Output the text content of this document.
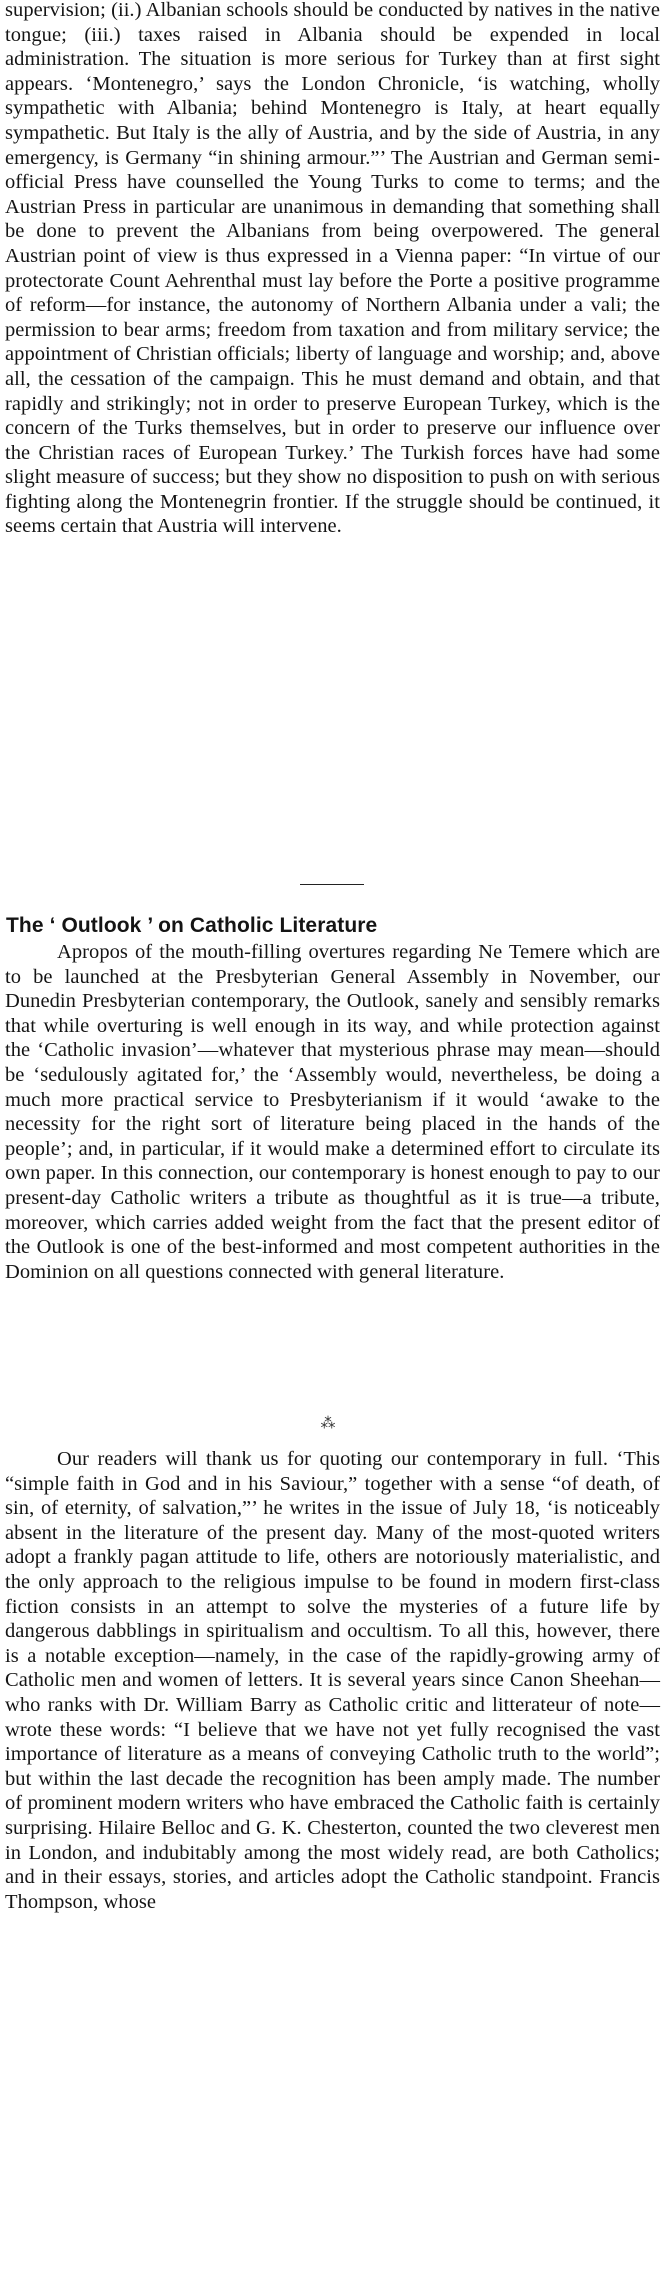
supervision; (ii.) Albanian schools should be conducted by natives in the native tongue; (iii.) taxes raised in Albania should be expended in local administration. The situation is more serious for Turkey than at first sight appears. ‘Montenegro,’ says the London Chronicle, ‘is watching, wholly sympathetic with Albania; behind Montenegro is Italy, at heart equally sympathetic. But Italy is the ally of Austria, and by the side of Austria, in any emergency, is Germany “in shining armour.”’ The Austrian and German semi-official Press have counselled the Young Turks to come to terms; and the Austrian Press in particular are unanimous in demanding that something shall be done to prevent the Albanians from being overpowered. The general Austrian point of view is thus expressed in a Vienna paper: “In virtue of our protectorate Count Aehrenthal must lay before the Porte a positive programme of reform—for instance, the autonomy of Northern Albania under a vali; the permission to bear arms; freedom from taxation and from military service; the appointment of Christian officials; liberty of language and worship; and, above all, the cessation of the campaign. This he must demand and obtain, and that rapidly and strikingly; not in order to preserve European Turkey, which is the concern of the Turks themselves, but in order to preserve our influence over the Christian races of European Turkey.’ The Turkish forces have had some slight measure of success; but they show no disposition to push on with serious fighting along the Montenegrin frontier. If the struggle should be continued, it seems certain that Austria will intervene.

The ‘ Outlook ’ on Catholic Literature

Apropos of the mouth-filling overtures regarding Ne Temere which are to be launched at the Presbyterian General Assembly in November, our Dunedin Presbyterian contemporary, the Outlook, sanely and sensibly remarks that while overturing is well enough in its way, and while protection against the ‘Catholic invasion’—whatever that mysterious phrase may mean—should be ‘sedulously agitated for,’ the ‘Assembly would, nevertheless, be doing a much more practical service to Presbyterianism if it would ‘awake to the necessity for the right sort of literature being placed in the hands of the people’; and, in particular, if it would make a determined effort to circulate its own paper. In this connection, our contemporary is honest enough to pay to our present-day Catholic writers a tribute as thoughtful as it is true—a tribute, moreover, which carries added weight from the fact that the present editor of the Outlook is one of the best-informed and most competent authorities in the Dominion on all questions connected with general literature.

⁂

Our readers will thank us for quoting our contemporary in full. ‘This “simple faith in God and in his Saviour,” together with a sense “of death, of sin, of eternity, of salvation,”’ he writes in the issue of July 18, ‘is noticeably absent in the literature of the present day. Many of the most-quoted writers adopt a frankly pagan attitude to life, others are notoriously materialistic, and the only approach to the religious impulse to be found in modern first-class fiction consists in an attempt to solve the mysteries of a future life by dangerous dabblings in spiritualism and occultism. To all this, however, there is a notable exception—namely, in the case of the rapidly-growing army of Catholic men and women of letters. It is several years since Canon Sheehan—who ranks with Dr. William Barry as Catholic critic and litterateur of note—wrote these words: “I believe that we have not yet fully recognised the vast importance of literature as a means of conveying Catholic truth to the world”; but within the last decade the recognition has been amply made. The number of prominent modern writers who have embraced the Catholic faith is certainly surprising. Hilaire Belloc and G. K. Chesterton, counted the two cleverest men in London, and indubitably among the most widely read, are both Catholics; and in their essays, stories, and articles adopt the Catholic standpoint. Francis Thompson, whose
